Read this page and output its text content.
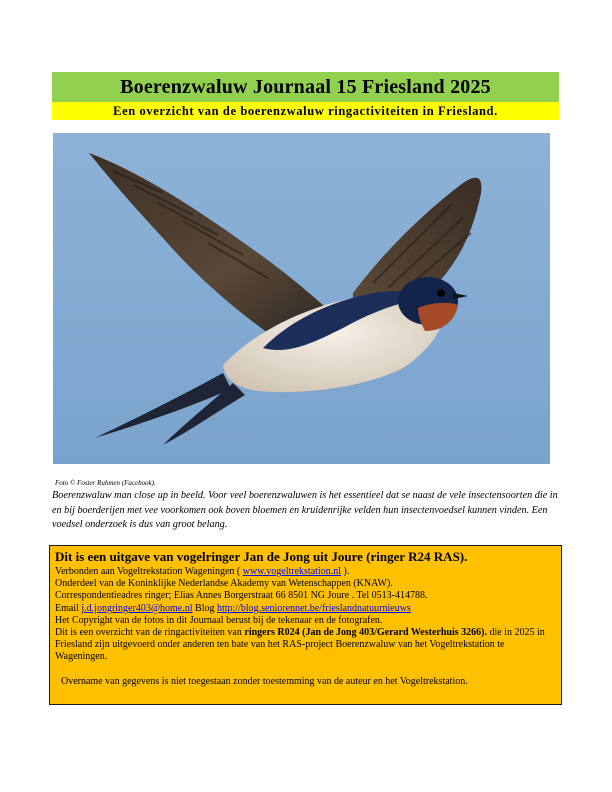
Boerenzwaluw Journaal 15 Friesland 2025
Een overzicht van de boerenzwaluw ringactiviteiten in Friesland.
Foto © Foster Ruhmen (Facebook).
Boerenzwaluw man close up in beeld. Voor veel boerenzwaluwen is het essentieel dat se naast de vele insectensoorten die in en bij boerderijen met vee voorkomen ook boven bloemen en kruidenrijke velden hun insectenvoedsel kunnen vinden. Een voedsel onderzoek is dus van groot belang.

Dit is een uitgave van vogelringer Jan de Jong uit Joure (ringer R24 RAS).

Verbonden aan Vogeltrekstation Wageningen ( www.vogeltrekstation.nl ).

Onderdeel van de Koninklijke Nederlandse Akademy van Wetenschappen (KNAW).

Correspondentieadres ringer; Elias Annes Borgerstraat 66 8501 NG Joure . Tel 0513-414788.

Email j.d.jongringer403@home.nl Blog http://blog.seniorennet.be/frieslandnatuurnieuws

Het Copyright van de fotos in dit Journaal berust bij de tekenaar en de fotografen.

Dit is een overzicht van de ringactiviteiten van ringers R024 (Jan de Jong 403/Gerard Westerhuis 3266). die in 2025 in Friesland zijn uitgevoerd onder anderen ten bate van het RAS-project Boerenzwaluw van het Vogeltrekstation te Wageningen.

Overname van gegevens is niet toegestaan zonder toestemming van de auteur en het Vogeltrekstation.
